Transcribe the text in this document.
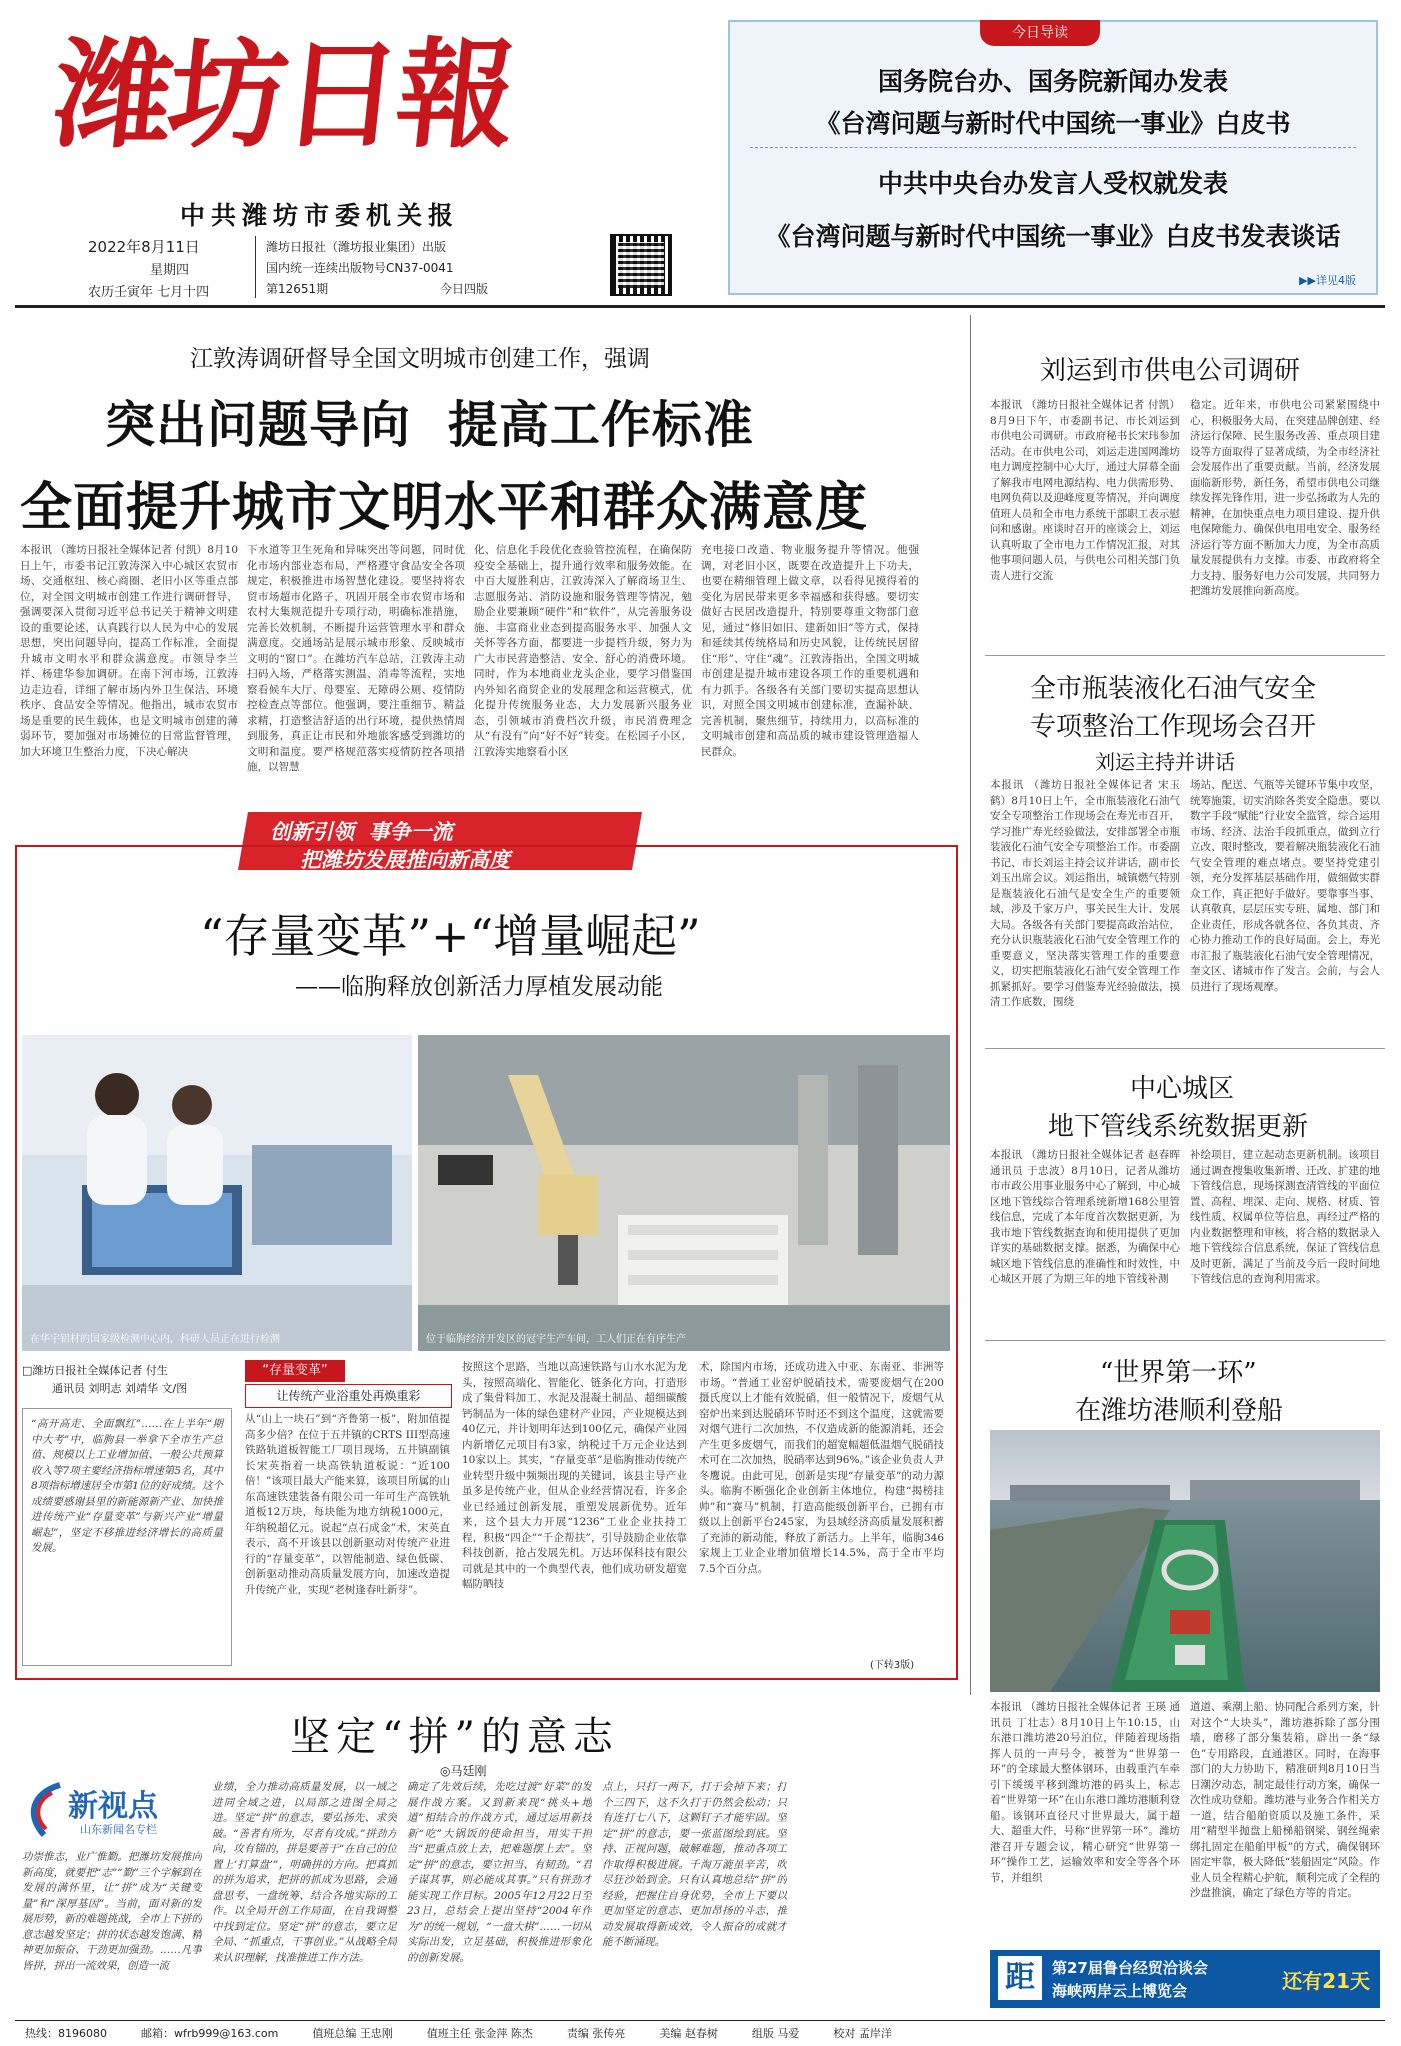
潍坊日報
中共潍坊市委机关报
2022年8月11日
星期四
农历壬寅年 七月十四
潍坊日报社（潍坊报业集团）出版
国内统一连续出版物号CN37-0041
第12651期	今日四版
今日导读
国务院台办、国务院新闻办发表
《台湾问题与新时代中国统一事业》白皮书
中共中央台办发言人受权就发表
《台湾问题与新时代中国统一事业》白皮书发表谈话
▶▶详见4版
江敦涛调研督导全国文明城市创建工作，强调
突出问题导向  提高工作标准
全面提升城市文明水平和群众满意度
本报讯 （潍坊日报社全媒体记者 付凯）8月10日上午，市委书记江敦涛深入中心城区农贸市场、交通枢纽、核心商圈、老旧小区等重点部位，对全国文明城市创建工作进行调研督导，强调要深入贯彻习近平总书记关于精神文明建设的重要论述，认真践行以人民为中心的发展思想，突出问题导向，提高工作标准，全面提升城市文明水平和群众满意度。市领导李兰祥、杨建华参加调研。在南下河市场，江敦涛边走边看，详细了解市场内外卫生保洁、环境秩序、食品安全等情况。他指出，城市农贸市场是重要的民生载体，也是文明城市创建的薄弱环节，要加强对市场摊位的日常监督管理，加大环境卫生整治力度，下决心解决
下水道等卫生死角和异味突出等问题，同时优化市场内部业态布局，严格遵守食品安全各项规定，积极推进市场智慧化建设。要坚持将农贸市场超市化路子，巩固开展全市农贸市场和农村大集规范提升专项行动，明确标准措施，完善长效机制，不断提升运营管理水平和群众满意度。交通场站是展示城市形象、反映城市文明的“窗口”。在潍坊汽车总站，江敦涛主动扫码入场，严格落实测温、消毒等流程，实地察看候车大厅、母婴室、无障碍公厕、疫情防控检查点等部位。他强调，要注重细节、精益求精，打造整洁舒适的出行环境，提供热情周到服务，真正让市民和外地旅客感受到潍坊的文明和温度。要严格规范落实疫情防控各项措施，以智慧
化、信息化手段优化查验管控流程，在确保防疫安全基础上，提升通行效率和服务效能。在中百大厦胜利店，江敦涛深入了解商场卫生、志愿服务站、消防设施和服务管理等情况，勉励企业要兼顾“硬件”和“软件”，从完善服务设施、丰富商业业态到提高服务水平、加强人文关怀等各方面，都要进一步提档升级，努力为广大市民营造整洁、安全、舒心的消费环境。同时，作为本地商业龙头企业，要学习借鉴国内外知名商贸企业的发展理念和运营模式，优化提升传统服务业态，大力发展新兴服务业态，引领城市消费档次升级，市民消费理念从“有没有”向“好不好”转变。在松园子小区，江敦涛实地察看小区
充电接口改造、物业服务提升等情况。他强调，对老旧小区，既要在改造提升上下功夫，也要在精细管理上做文章，以看得见摸得着的变化为居民带来更多幸福感和获得感。要切实做好古民居改造提升，特别要尊重文物部门意见，通过“修旧如旧、建新如旧”等方式，保持和延续其传统格局和历史风貌，让传统民居留住“形”、守住“魂”。江敦涛指出，全国文明城市创建是提升城市建设各项工作的重要机遇和有力抓手。各级各有关部门要切实提高思想认识，对照全国文明城市创建标准，查漏补缺、完善机制，聚焦细节，持续用力，以高标准的文明城市创建和高品质的城市建设管理造福人民群众。
刘运到市供电公司调研
本报讯 （潍坊日报社全媒体记者 付凯）8月9日下午，市委副书记、市长刘运到市供电公司调研。市政府秘书长宋玮参加活动。在市供电公司，刘运走进国网潍坊电力调度控制中心大厅，通过大屏幕全面了解我市电网电源结构、电力供需形势、电网负荷以及迎峰度夏等情况，并向调度值班人员和全市电力系统干部职工表示慰问和感谢。座谈时召开的座谈会上，刘运认真听取了全市电力工作情况汇报，对其他事项问题人员，与供电公司相关部门负责人进行交流
稳定。近年来，市供电公司紧紧围绕中心，积极服务大局，在突建品牌创建、经济运行保障、民生服务改善、重点项目建设等方面取得了显著成绩，为全市经济社会发展作出了重要贡献。当前，经济发展面临新形势，新任务，希望市供电公司继续发挥先锋作用，进一步弘扬敢为人先的精神，在加快重点电力项目建设、提升供电保障能力、确保供电用电安全、服务经济运行等方面不断加大力度，为全市高质量发展提供有力支撑。市委、市政府将全力支持、服务好电力公司发展，共同努力把潍坊发展推向新高度。
全市瓶装液化石油气安全
专项整治工作现场会召开
刘运主持并讲话
本报讯 （潍坊日报社全媒体记者 宋玉鹤）8月10日上午，全市瓶装液化石油气安全专项整治工作现场会在寿光市召开，学习推广寿光经验做法，安排部署全市瓶装液化石油气安全专项整治工作。市委副书记、市长刘运主持会议并讲话，副市长刘玉出席会议。刘运指出，城镇燃气特别是瓶装液化石油气是安全生产的重要领域，涉及千家万户，事关民生大计、发展大局。各级各有关部门要提高政治站位，充分认识瓶装液化石油气安全管理工作的重要意义，坚决落实管理工作的重要意义，切实把瓶装液化石油气安全管理工作抓紧抓好。要学习借鉴寿光经验做法，摸清工作底数，围绕
场站、配送、气瓶等关键环节集中攻坚，统筹施策，切实消除各类安全隐患。要以数字手段“赋能”行业安全监管，综合运用市场、经济、法治手段抓重点，做到立行立改、限时整改，要着解决瓶装液化石油气安全管理的难点堵点。要坚持党建引领，充分发挥基层基础作用，做细做实群众工作，真正把好手做好。要靠事当事、认真敬真，层层压实专班、属地、部门和企业责任，形成各就各位、各负其责、齐心协力推动工作的良好局面。会上，寿光市汇报了瓶装液化石油气安全管理情况，奎文区、诸城市作了发言。会前，与会人员进行了现场观摩。
中心城区
地下管线系统数据更新
本报讯 （潍坊日报社全媒体记者 赵春晖 通讯员 于忠波）8月10日，记者从潍坊市市政公用事业服务中心了解到，中心城区地下管线综合管理系统新增168公里管线信息，完成了本年度首次数据更新，为我市地下管线数据查询和使用提供了更加详实的基础数据支撑。据悉，为确保中心城区地下管线信息的准确性和时效性，中心城区开展了为期三年的地下管线补测
补绘项目，建立起动态更新机制。该项目通过调查搜集收集新增、迁改、扩建的地下管线信息，现场探测查清管线的平面位置、高程、埋深、走向、规格、材质、管线性质、权属单位等信息，再经过严格的内业数据整理和审核，将合格的数据录入地下管线综合信息系统，保证了管线信息及时更新，满足了当前及今后一段时间地下管线信息的查询利用需求。
“世界第一环”
在潍坊港顺利登船
本报讯 （潍坊日报社全媒体记者 王瑛 通讯员 丁壮志）8月10日上午10:15，山东港口潍坊港20号泊位，伴随着现场指挥人员的一声号令，被誉为“世界第一环”的全球最大整体钢环，由载重汽车牵引下缓缓平移到潍坊港的码头上，标志着“世界第一环”在山东港口潍坊港顺利登船。该钢环直径尺寸世界最大，属于超大、超重大件，号称“世界第一环”。潍坊港召开专题会议，精心研究“世界第一环”操作工艺，运输效率和安全等各个环节，并组织
道道、乘潮上船、协同配合系列方案，针对这个“大块头”，潍坊港拆除了部分围墙，磨移了部分集装箱，辟出一条“绿色”专用路段，直通港区。同时，在海事部门的大力协助下，精准研判8月10日当日潮汐动态，制定最佳行动方案，确保一次性成功登船。潍坊港与业务合作相关方一道，结合船舶资质以及施工条件，采用“精型半抛盘上船梯船钢梁、钢丝绳索绑扎固定在船舶甲板”的方式，确保钢环固定牢靠，极大降低“装船固定”风险。作业人员全程精心护航，顺利完成了全程的沙盘推演，确定了绿色方等的肯定。
创新引领  事争一流
把潍坊发展推向新高度
“存量变革”+“增量崛起”
——临朐释放创新活力厚植发展动能
在华宇铝材的国家级检测中心内，科研人员正在进行检测	位于临朐经济开发区的冠宇生产车间，工人们正在有序生产
□潍坊日报社全媒体记者 付生
通讯员 刘明志 刘靖华 文/图
“高开高走、全面飘红”……在上半年“期中大考”中，临朐县一举拿下全市生产总值、规模以上工业增加值、一般公共预算收入等7项主要经济指标增速第5名，其中8项指标增速居全市第1位的好成绩。这个成绩要感谢县里的新能源新产业、加快推进传统产业“存量变革”与新兴产业“增量崛起”，坚定不移推进经济增长的高质量发展。
“存量变革”
让传统产业浴重处再焕重彩
从“山上一块石”到“齐鲁第一板”，附加值提高多少倍？在位于五井镇的CRTS III型高速铁路轨道板智能工厂项目现场，五井镇副镇长宋英指着一块高铁轨道板说：“近100倍！”该项目最大产能来算，该项目所属的山东高速铁建装备有限公司一年可生产高铁轨道板12万块，每块能为地方纳税1000元，年纳税超亿元。说起“点石成金”术，宋英直表示，高不开该县以创新驱动对传统产业进行的“存量变革”，以智能制造、绿色低碳、创新驱动推动高质量发展方向，加速改造提升传统产业，实现“老树逢春吐新芽”。
按照这个思路，当地以高速铁路与山水水泥为龙头，按照高端化、智能化、链条化方向，打造形成了集骨料加工、水泥及混凝土制品、超细碳酸钙制品为一体的绿色建材产业园，产业规模达到40亿元，并计划明年达到100亿元，确保产业园内新增亿元项目有3家，纳税过千万元企业达到10家以上。其实，“存量变革”是临朐推动传统产业转型升级中频频出现的关键词，该县主导产业虽多是传统产业，但从企业经营情况看，许多企业已经通过创新发展，重塑发展新优势。近年来，这个县大力开展“1236”工业企业扶持工程，积极“四企”“千企帮扶”，引导鼓励企业依靠科技创新，抢占发展先机。万达环保科技有限公司就是其中的一个典型代表，他们成功研发超宽幅防晒技
术，除国内市场，还成功进入中亚、东南亚、非洲等市场。“普通工业窑炉脱硝技术，需要废烟气在200摄氏度以上才能有效脱硝，但一般情况下，废烟气从窑炉出来到达脱硝环节时还不到这个温度，这就需要对烟气进行二次加热，不仅造成新的能源消耗，还会产生更多废烟气，而我们的超宽幅超低温烟气脱硝技术可在二次加热，脱硝率达到96%。”该企业负责人尹冬鹰说。由此可见，创新是实现“存量变革”的动力源头。临朐不断强化企业创新主体地位，构建“揭榜挂帅”和“赛马”机制，打造高能级创新平台，已拥有市级以上创新平台245家，为县域经济高质量发展积蓄了充沛的新动能，释放了新活力。上半年，临朐346家规上工业企业增加值增长14.5%，高于全市平均7.5个百分点。
(下转3版)
坚定“拼”的意志
◎马廷刚
新视点
山东新闻名专栏
功崇惟志，业广惟勤。把潍坊发展推向新高度，就要把“志”“勤”三个字解到在发展的满怀里，让“拼”成为“关键变量”和“深厚基因”。当前，面对新的发展形势，新的难题挑战，全市上下拼的意志越发坚定；拼的状态越发饱满、精神更加振奋、干劲更加强劲。……凡事皆拼，拼出一流效果，创造一流
业绩，全力推动高质量发展，以一域之进同全域之进，以局部之进图全局之进。坚定“拼”的意志，要弘扬先、求突破。“善者有所为，尽者有攻成。”拼劲方向，攻有锚的，拼是要善于“在自己的位置上‘打算盘’”，明确拼的方向。把真抓的拼为追求，把拼的抓成为思路，会通盘思考、一盘统筹、结合各地实际的工作。以全局开创工作局面，在自我调整中找到定位。坚定“拼”的意志，要立足全局、“抓重点，干事创业。”从战略全局来认识理解，找准推进工作方法。
确定了先效后续，先吃过渡“好菜”的发展作战方案。又到新来现“挑头+地道”相结合的作战方式，通过运用新技新“吃”大锅饭的使命担当，用实干担当“把重点放上去，把难题摆上去”。坚定“拼”的意志，要立担当、有韧劲。“君子谋其事，则必能成其事。”只有拼劲才能实现工作目标。2005年12月22日至23日，总结会上提出坚持“2004年作为”的统一规划，“一盘大棋”……一切从实际出发，立足基础，积极推进形象化的创新发展。
点上，只打一两下，打于会掉下来；打个三四下，这不久打于仍然会松动；只有连打七八下，这颗钉子才能牢固。坚定“拼”的意志，要一张蓝图绘到底。坚持、正视问题，破解难题，推动各项工作取得积极进展。千淘万漉虽辛苦，吹尽狂沙始到金。只有认真地总结“拼”的经验，把握住自身优势，全市上下要以更加坚定的意志、更加昂扬的斗志，推动发展取得新成效，令人振奋的成就才能不断涌现。
距	第27届鲁台经贸洽谈会
海峡两岸云上博览会	还有21天
热线：8196080	邮箱：wfrb999@163.com	值班总编 王忠刚	值班主任 张金萍 陈杰	责编 张传亮	美编 赵春树	组版 马爱	校对 孟岸洋
